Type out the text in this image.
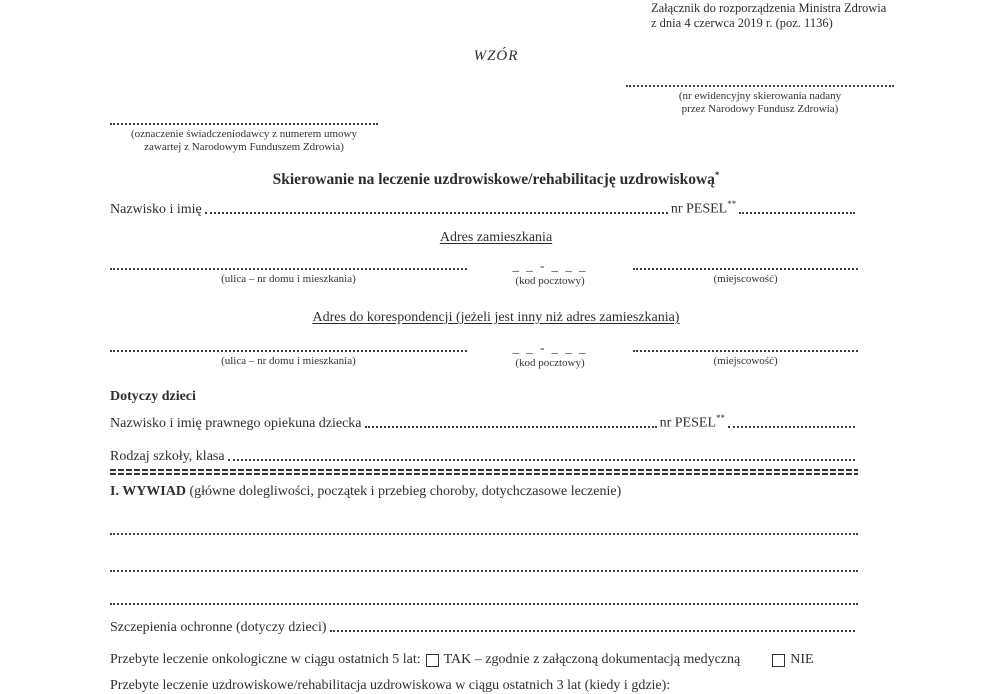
Załącznik do rozporządzenia Ministra Zdrowia
z dnia 4 czerwca 2019 r. (poz. 1136)
WZÓR
(nr ewidencyjny skierowania nadany
przez Narodowy Fundusz Zdrowia)
(oznaczenie świadczeniodawcy z numerem umowy
zawartej z Narodowym Funduszem Zdrowia)
Skierowanie na leczenie uzdrowiskowe/rehabilitację uzdrowiskową*
Nazwisko i imię	nr PESEL**
Adres zamieszkania
(ulica – nr domu i mieszkania)
_ _ - _ _ _
(kod pocztowy)	(miejscowość)
Adres do korespondencji (jeżeli jest inny niż adres zamieszkania)
(ulica – nr domu i mieszkania)
_ _ - _ _ _
(kod pocztowy)	(miejscowość)
Dotyczy dzieci
Nazwisko i imię prawnego opiekuna dziecka	nr PESEL**
Rodzaj szkoły, klasa
I. WYWIAD (główne dolegliwości, początek i przebieg choroby, dotychczasowe leczenie)
Szczepienia ochronne (dotyczy dzieci)
Przebyte leczenie onkologiczne w ciągu ostatnich 5 lat: TAK – zgodnie z załączoną dokumentacją medyczną	NIE
Przebyte leczenie uzdrowiskowe/rehabilitacja uzdrowiskowa w ciągu ostatnich 3 lat (kiedy i gdzie):
